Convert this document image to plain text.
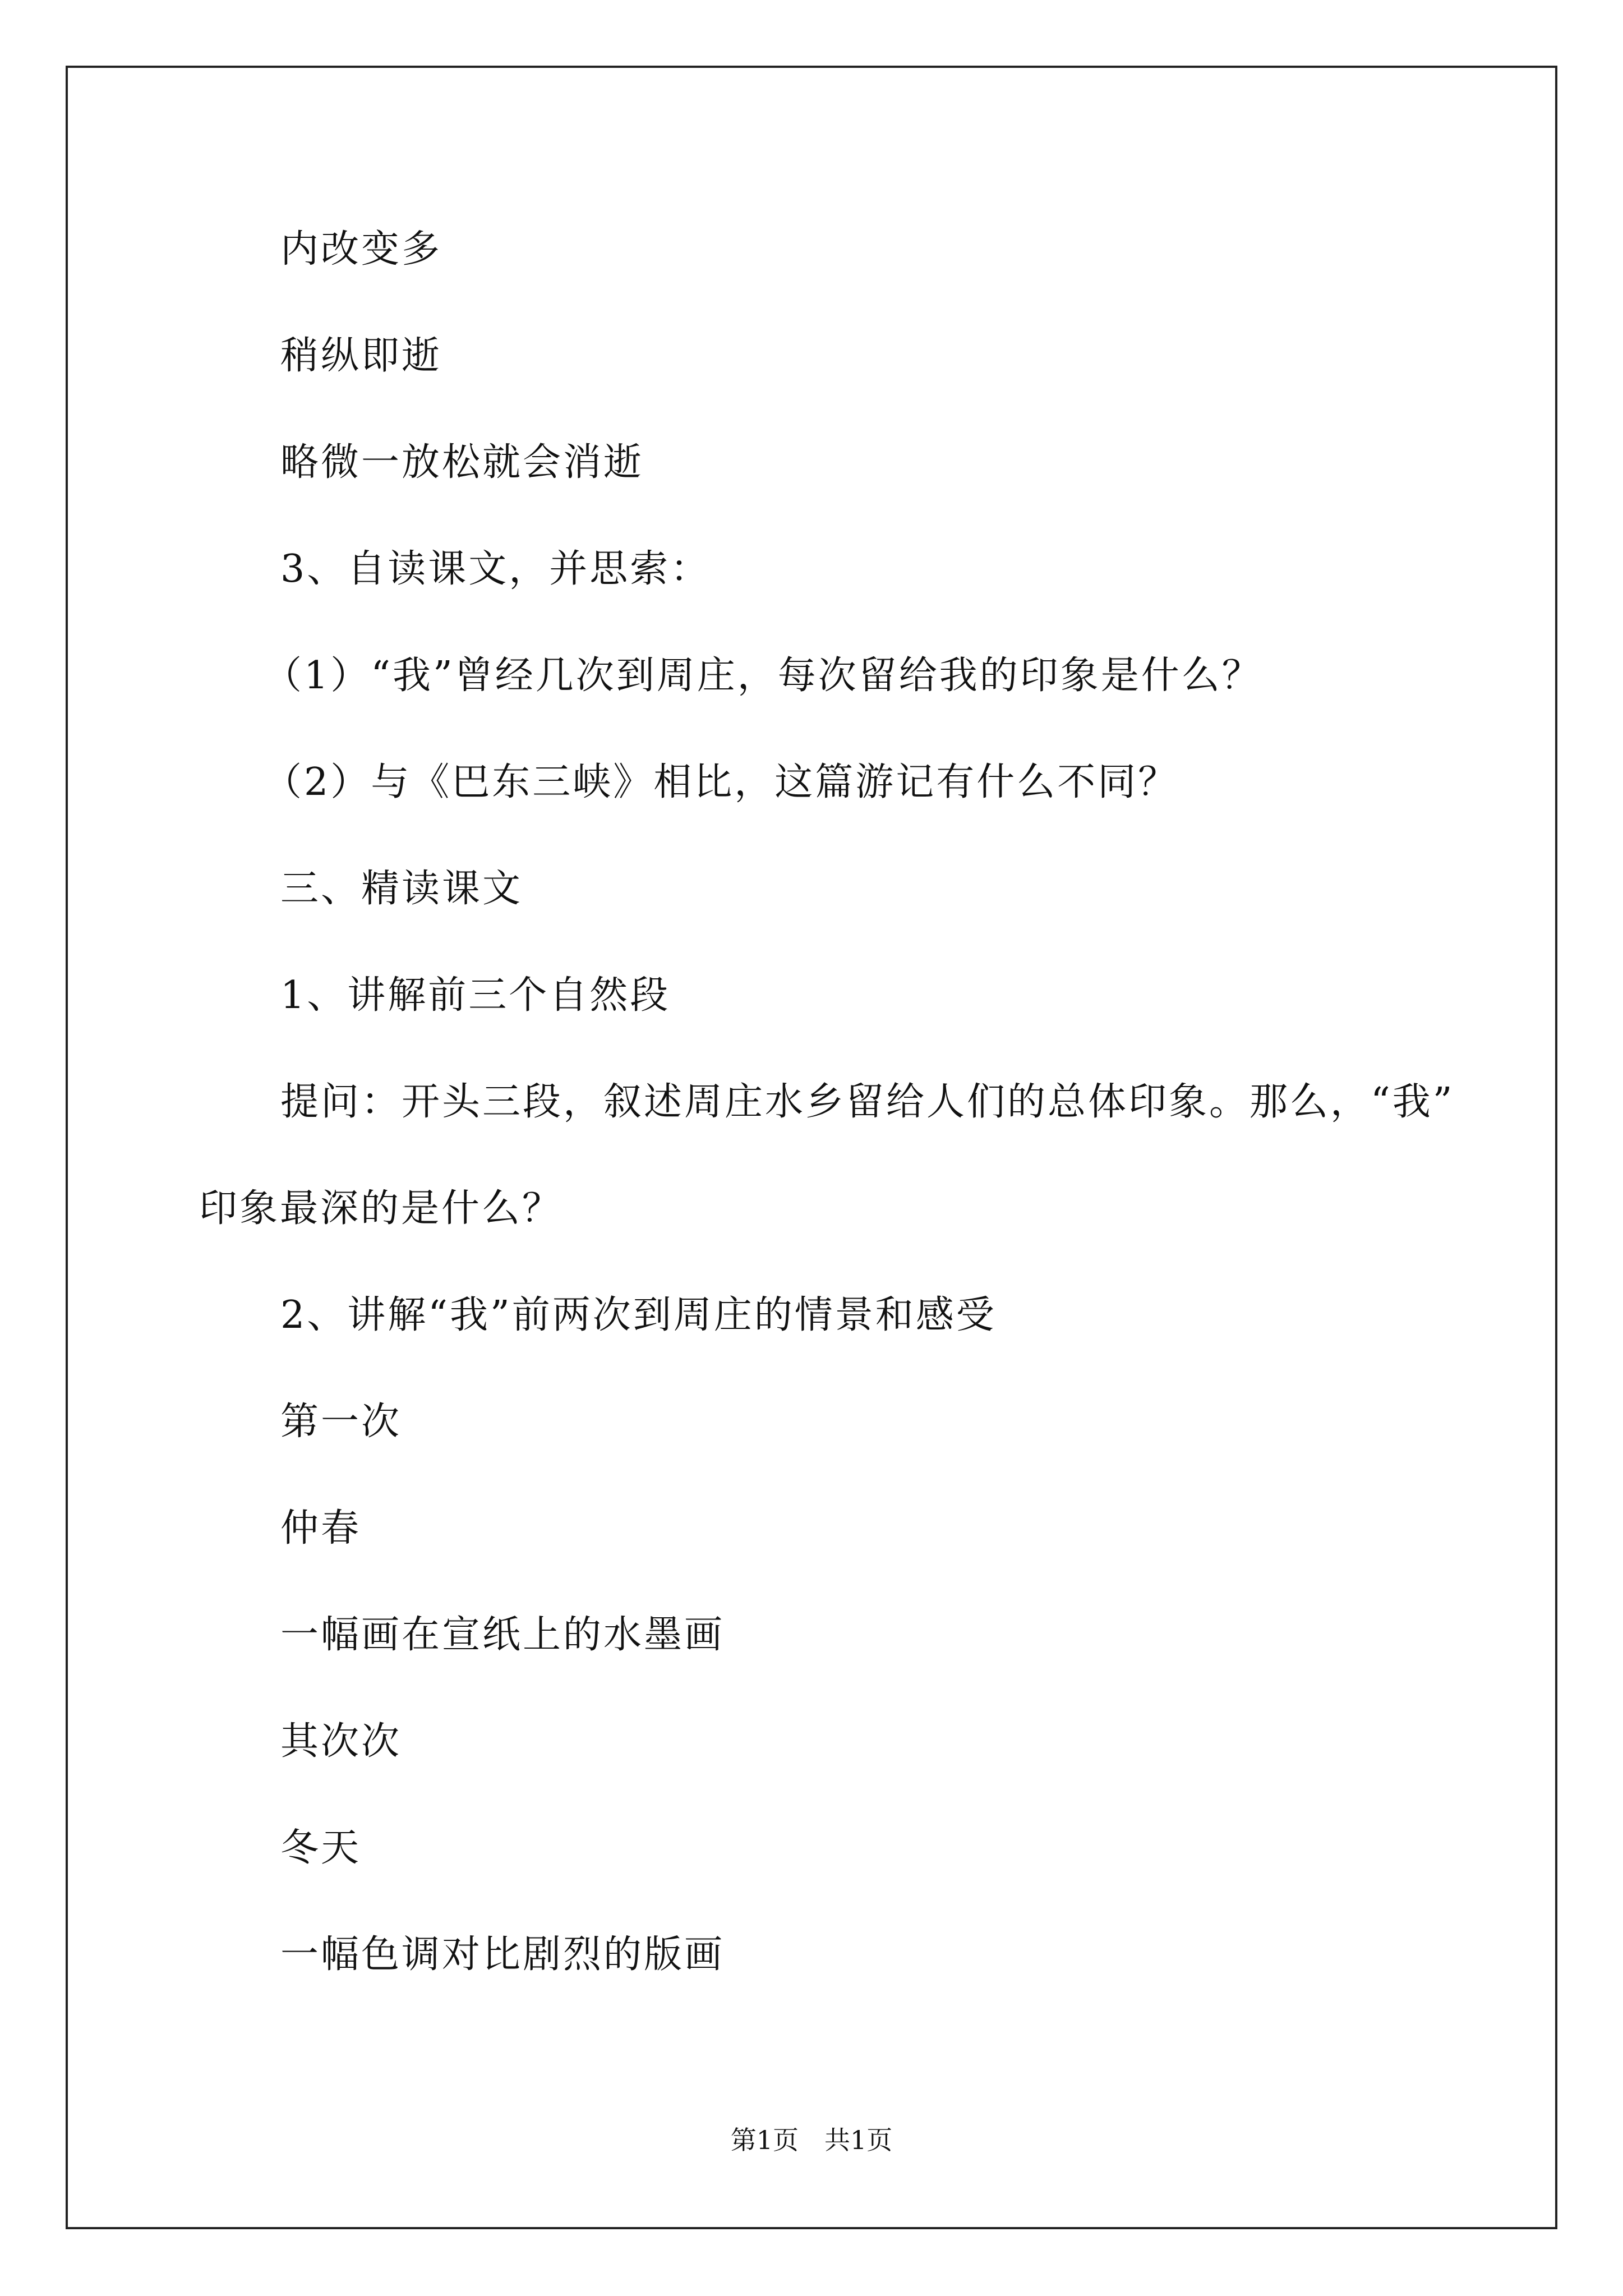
内改变多
稍纵即逝
略微一放松就会消逝
3、自读课文，并思索：
（1）“我”曾经几次到周庄，每次留给我的印象是什么？
（2）与《巴东三峡》相比，这篇游记有什么不同？
三、精读课文
1、讲解前三个自然段
提问：开头三段，叙述周庄水乡留给人们的总体印象。那么，“我”
印象最深的是什么？
2、讲解“我”前两次到周庄的情景和感受
第一次
仲春
一幅画在宣纸上的水墨画
其次次
冬天
一幅色调对比剧烈的版画
第1页　共1页
